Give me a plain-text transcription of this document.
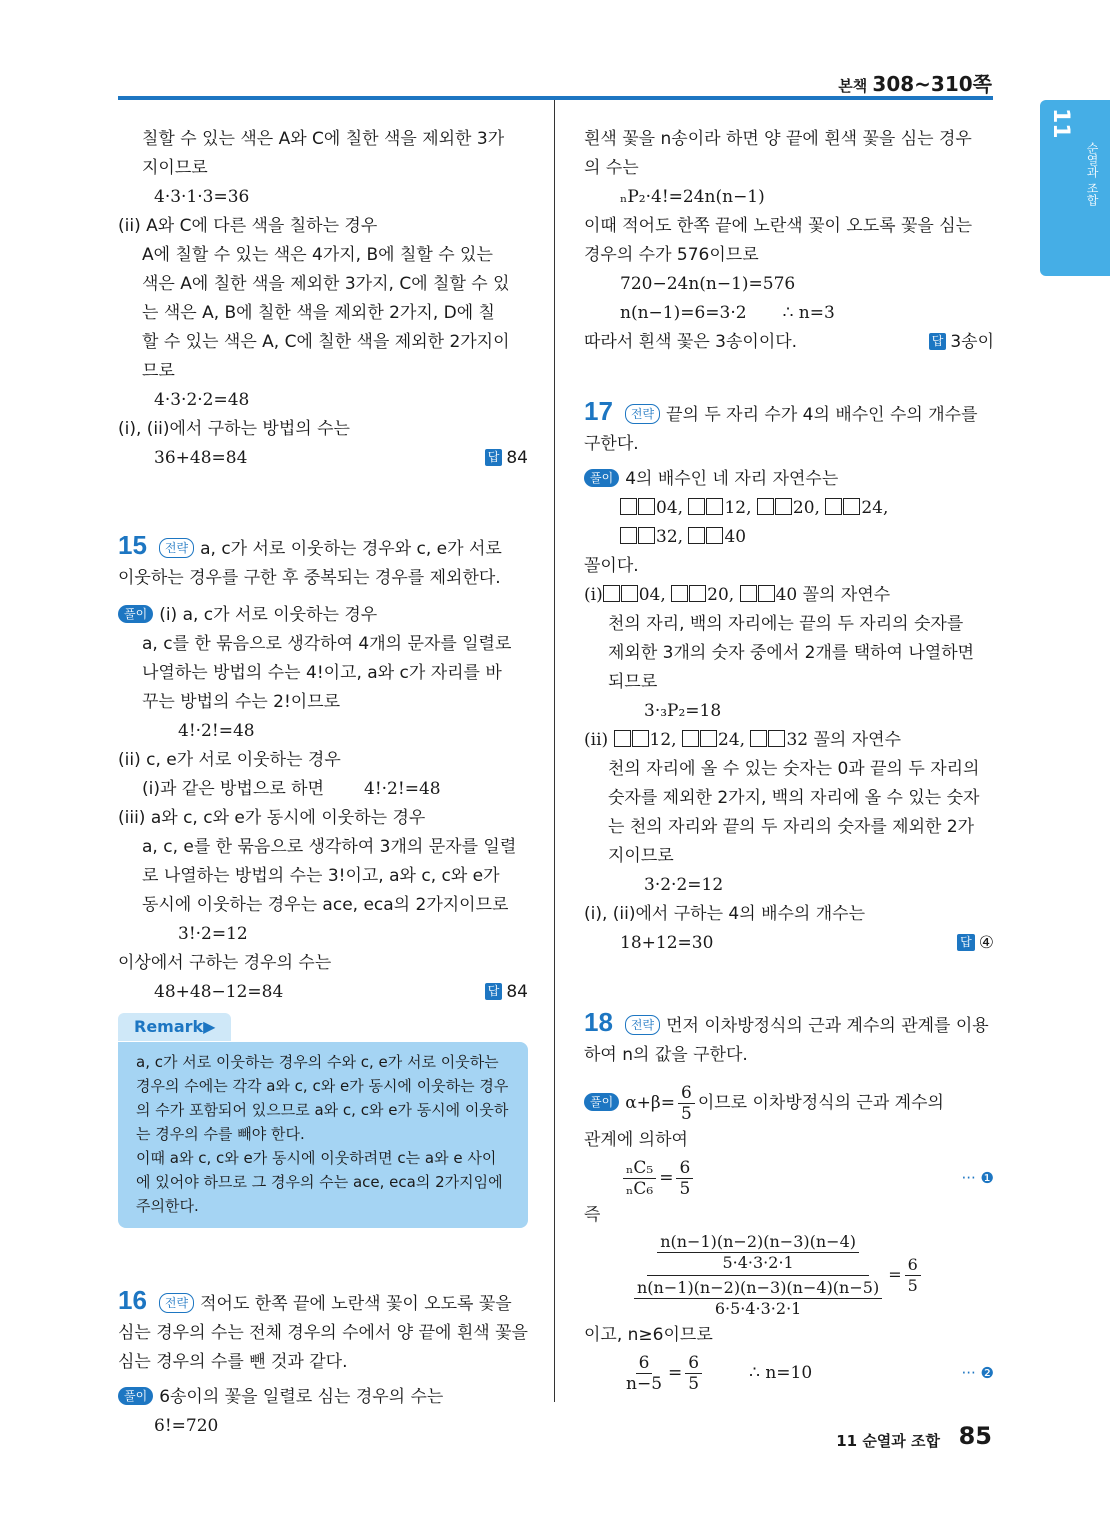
본책 308~310쪽
11
순열과 조합
칠할 수 있는 색은 A와 C에 칠한 색을 제외한 3가
지이므로
4·3·1·3=36
(ii) A와 C에 다른 색을 칠하는 경우
A에 칠할 수 있는 색은 4가지, B에 칠할 수 있는
색은 A에 칠한 색을 제외한 3가지, C에 칠할 수 있
는 색은 A, B에 칠한 색을 제외한 2가지, D에 칠
할 수 있는 색은 A, C에 칠한 색을 제외한 2가지이
므로
4·3·2·2=48
(i), (ii)에서 구하는 방법의 수는
36+48=84	답 84
15 전략 a, c가 서로 이웃하는 경우와 c, e가 서로
이웃하는 경우를 구한 후 중복되는 경우를 제외한다.
풀이 (i) a, c가 서로 이웃하는 경우
a, c를 한 묶음으로 생각하여 4개의 문자를 일렬로
나열하는 방법의 수는 4!이고, a와 c가 자리를 바
꾸는 방법의 수는 2!이므로
4!·2!=48
(ii) c, e가 서로 이웃하는 경우
(i)과 같은 방법으로 하면 4!·2!=48
(iii) a와 c, c와 e가 동시에 이웃하는 경우
a, c, e를 한 묶음으로 생각하여 3개의 문자를 일렬
로 나열하는 방법의 수는 3!이고, a와 c, c와 e가
동시에 이웃하는 경우는 ace, eca의 2가지이므로
3!·2=12
이상에서 구하는 경우의 수는
48+48−12=84	답 84
Remark▶
a, c가 서로 이웃하는 경우의 수와 c, e가 서로 이웃하는 경우의 수에는 각각 a와 c, c와 e가 동시에 이웃하는 경우의 수가 포함되어 있으므로 a와 c, c와 e가 동시에 이웃하는 경우의 수를 빼야 한다.
이때 a와 c, c와 e가 동시에 이웃하려면 c는 a와 e 사이에 있어야 하므로 그 경우의 수는 ace, eca의 2가지임에 주의한다.
16 전략 적어도 한쪽 끝에 노란색 꽃이 오도록 꽃을
심는 경우의 수는 전체 경우의 수에서 양 끝에 흰색 꽃을
심는 경우의 수를 뺀 것과 같다.
풀이 6송이의 꽃을 일렬로 심는 경우의 수는
6!=720
흰색 꽃을 n송이라 하면 양 끝에 흰색 꽃을 심는 경우
의 수는
ₙP₂·4!=24n(n−1)
이때 적어도 한쪽 끝에 노란색 꽃이 오도록 꽃을 심는
경우의 수가 576이므로
720−24n(n−1)=576
n(n−1)=6=3·2 ∴ n=3
따라서 흰색 꽃은 3송이이다.	답 3송이
17 전략 끝의 두 자리 수가 4의 배수인 수의 개수를
구한다.
풀이 4의 배수인 네 자리 자연수는
04, 12, 20, 24,
32, 40
꼴이다.
(i) 04, 20, 40 꼴의 자연수
천의 자리, 백의 자리에는 끝의 두 자리의 숫자를
제외한 3개의 숫자 중에서 2개를 택하여 나열하면
되므로
3·₃P₂=18
(ii) 12, 24, 32 꼴의 자연수
천의 자리에 올 수 있는 숫자는 0과 끝의 두 자리의
숫자를 제외한 2가지, 백의 자리에 올 수 있는 숫자
는 천의 자리와 끝의 두 자리의 숫자를 제외한 2가
지이므로
3·2·2=12
(i), (ii)에서 구하는 4의 배수의 개수는
18+12=30	답 ④
18 전략 먼저 이차방정식의 근과 계수의 관계를 이용
하여 n의 값을 구한다.
풀이 $\alpha+\beta= \frac{6}{5}$ 이므로 이차방정식의 근과 계수의
관계에 의하여
$\frac{\text{ₙC₅}}{\text{ₙC₆}} = \frac{6}{5}$	··· ❶
즉
$\frac{\frac{n(n-1)(n-2)(n-3)(n-4)}{5\cdot 4\cdot 3\cdot 2\cdot 1}}{\frac{n(n-1)(n-2)(n-3)(n-4)(n-5)}{6\cdot 5\cdot 4\cdot 3\cdot 2\cdot 1}} = \frac{6}{5}$
이고, n≥6이므로
$\frac{6}{n-5} = \frac{6}{5}$	∴ n=10	··· ❷
11 순열과 조합 85
